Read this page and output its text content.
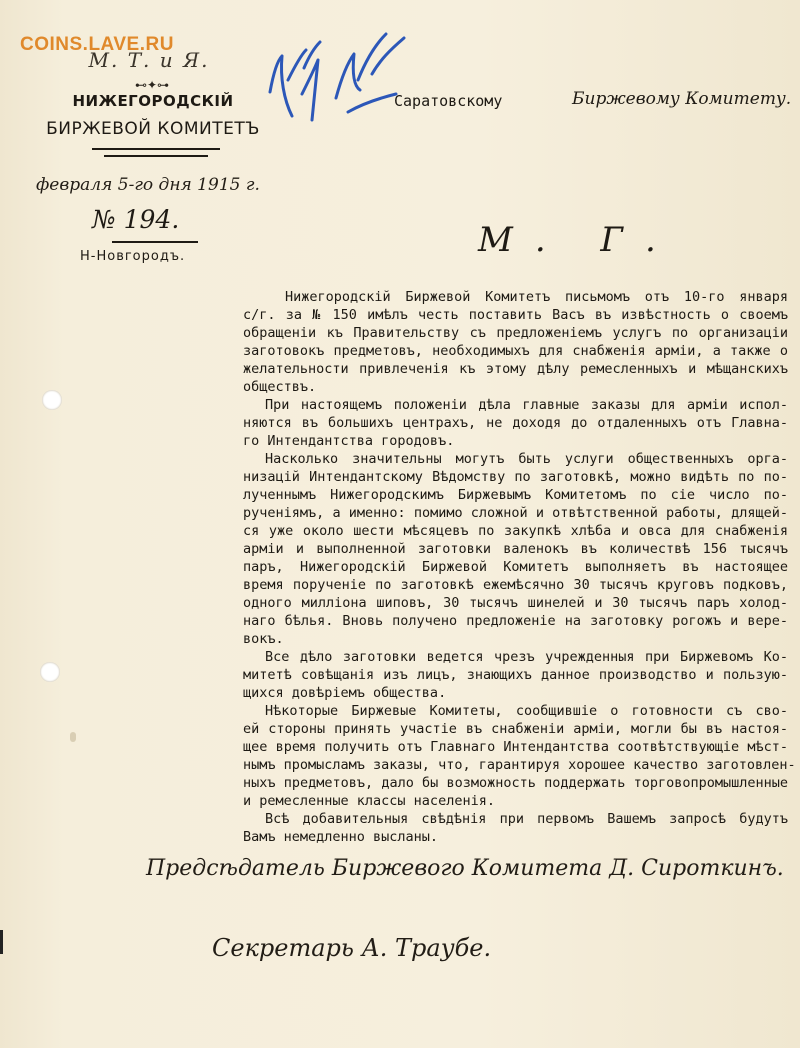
COINS.LAVE.RU
М. Т. и Я.
⊷✦⊶
НИЖЕГОРОДСКІЙ
БИРЖЕВОЙ КОМИТЕТЪ
февраля 5-го дня 1915 г.
№ 194.
Н-Новгородъ.
Саратовскому	Биржевому Комитету.
М. Г.
Нижегородскій Биржевой Комитетъ письмомъ отъ 10-го января
с/г. за № 150 имѣлъ честь поставить Васъ въ извѣстность о своемъ
обращеніи къ Правительству съ предложеніемъ услугъ по организаціи
заготовокъ предметовъ, необходимыхъ для снабженія арміи, а также о
желательности привлеченія къ этому дѣлу ремесленныхъ и мѣщанскихъ
обществъ.
При настоящемъ положеніи дѣла главные заказы для арміи испол-
няются въ большихъ центрахъ, не доходя до отдаленныхъ отъ Главна-
го Интендантства городовъ.
Насколько значительны могутъ быть услуги общественныхъ орга-
низацій Интендантскому Вѣдомству по заготовкѣ, можно видѣть по по-
лученнымъ Нижегородскимъ Биржевымъ Комитетомъ по сіе число по-
рученіямъ, а именно: помимо сложной и отвѣтственной работы, длящей-
ся уже около шести мѣсяцевъ по закупкѣ хлѣба и овса для снабженія
арміи и выполненной заготовки валенокъ въ количествѣ 156 тысячъ
паръ, Нижегородскій Биржевой Комитетъ выполняетъ въ настоящее
время порученіе по заготовкѣ ежемѣсячно 30 тысячъ круговъ подковъ,
одного милліона шиповъ, 30 тысячъ шинелей и 30 тысячъ паръ холод-
наго бѣлья. Вновь получено предложеніе на заготовку рогожъ и вере-
вокъ.
Все дѣло заготовки ведется чрезъ учрежденныя при Биржевомъ Ко-
митетѣ совѣщанія изъ лицъ, знающихъ данное производство и пользую-
щихся довѣріемъ общества.
Нѣкоторые Биржевые Комитеты, сообщившіе о готовности съ сво-
ей стороны принять участіе въ снабженіи арміи, могли бы въ настоя-
щее время получить отъ Главнаго Интендантства соотвѣтствующіе мѣст-
нымъ промысламъ заказы, что, гарантируя хорошее качество заготовлен-
ныхъ предметовъ, дало бы возможность поддержать торговопромышленные
и ремесленные классы населенія.
Всѣ добавительныя свѣдѣнія при первомъ Вашемъ запросѣ будутъ
Вамъ немедленно высланы.
Предсѣдатель Биржевого Комитета Д. Сироткинъ.
Секретарь А. Траубе.
